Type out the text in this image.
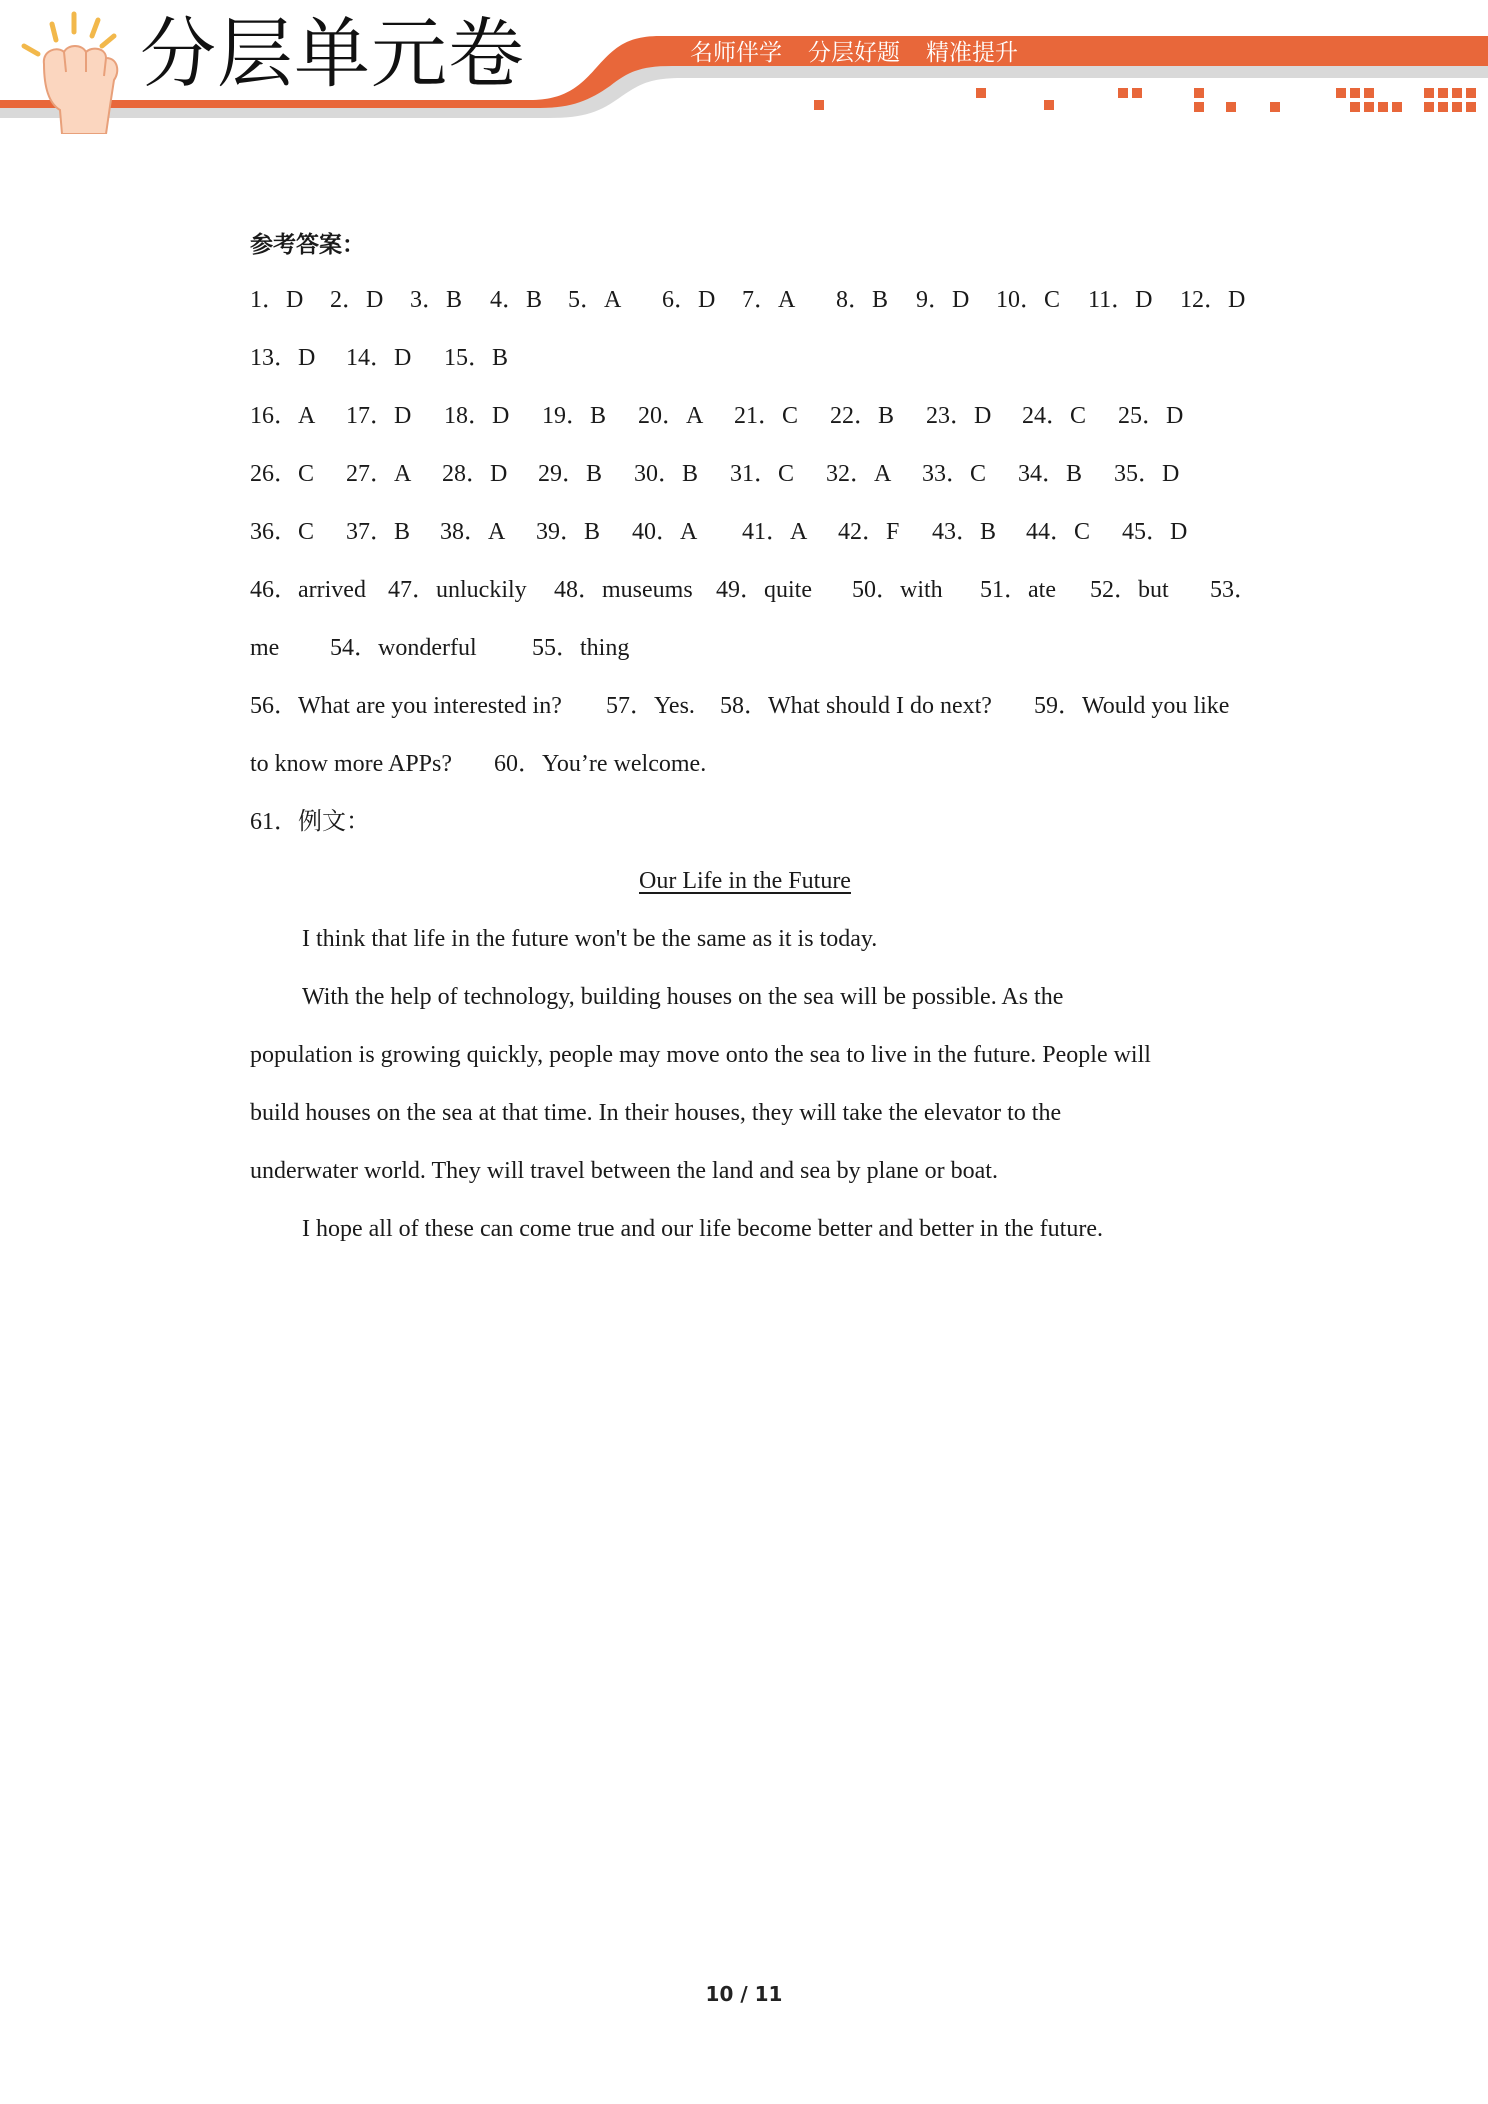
分层单元卷	名师伴学 分层好题 精准提升
参考答案：
1．D 2．D 3．B 4．B 5．A 6．D 7．A 8．B 9．D 10．C 11．D 12．D
13．D 14．D 15．B
16．A 17．D 18．D 19．B 20．A 21．C 22．B 23．D 24．C 25．D
26．C 27．A 28．D 29．B 30．B 31．C 32．A 33．C 34．B 35．D
36．C 37．B 38．A 39．B 40．A 41．A 42．F 43．B 44．C 45．D
46．arrived 47．unluckily 48．museums 49．quite 50．with 51．ate 52．but 53．
me 54．wonderful 55．thing
56．What are you interested in? 57．Yes. 58．What should I do next? 59．Would you like
to know more APPs? 60．You’re welcome.
61．例文：
Our Life in the Future
I think that life in the future won't be the same as it is today.
With the help of technology, building houses on the sea will be possible. As the
population is growing quickly, people may move onto the sea to live in the future. People will
build houses on the sea at that time. In their houses, they will take the elevator to the
underwater world. They will travel between the land and sea by plane or boat.
I hope all of these can come true and our life become better and better in the future.
10 / 11
